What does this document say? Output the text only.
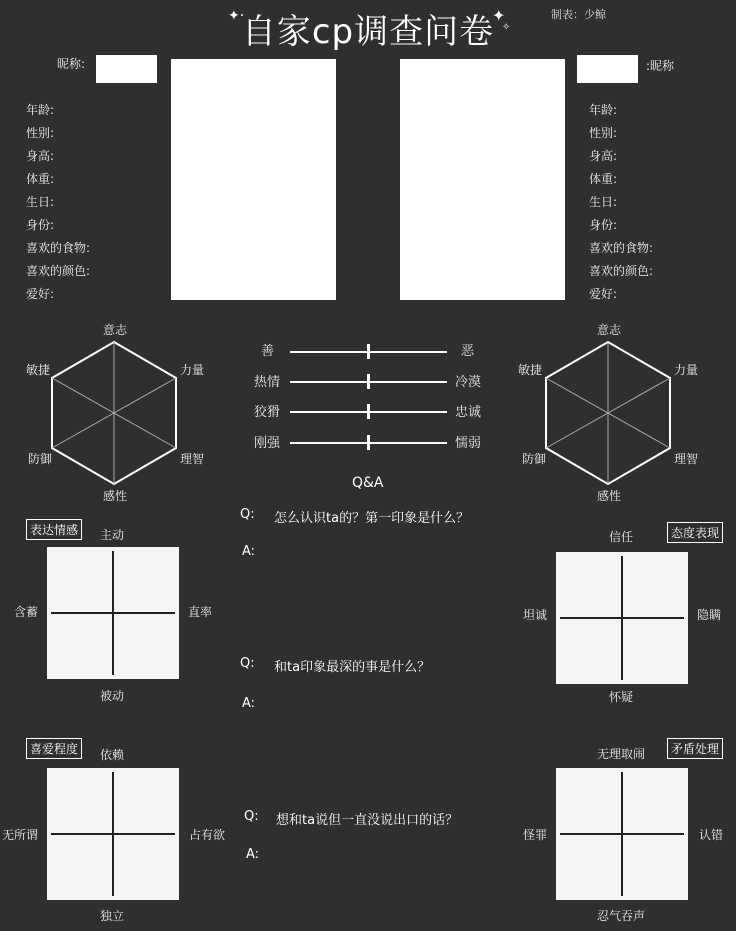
✦·
自家cp调查问卷
✦
✧
制表：少鲸
昵称:
年龄:
性别:
身高:
体重:
生日:
身份:
喜欢的食物:
喜欢的颜色:
爱好:
:昵称
年龄:
性别:
身高:
体重:
生日:
身份:
喜欢的食物:
喜欢的颜色:
爱好:
意志
力量
理智
感性
防御
敏捷
意志
力量
理智
感性
防御
敏捷
善	恶
热情	冷漠
狡猾	忠诚
刚强	懦弱
Q&A
Q: 怎么认识ta的？第一印象是什么？
A:
Q: 和ta印象最深的事是什么？
A:
Q: 想和ta说但一直没说出口的话？
A:
表达情感	主动
含蓄	直率
被动
喜爱程度	依赖
无所谓	占有欲
独立
态度表现
信任
坦诚	隐瞒
怀疑
矛盾处理
无理取闹
怪罪	认错
忍气吞声
